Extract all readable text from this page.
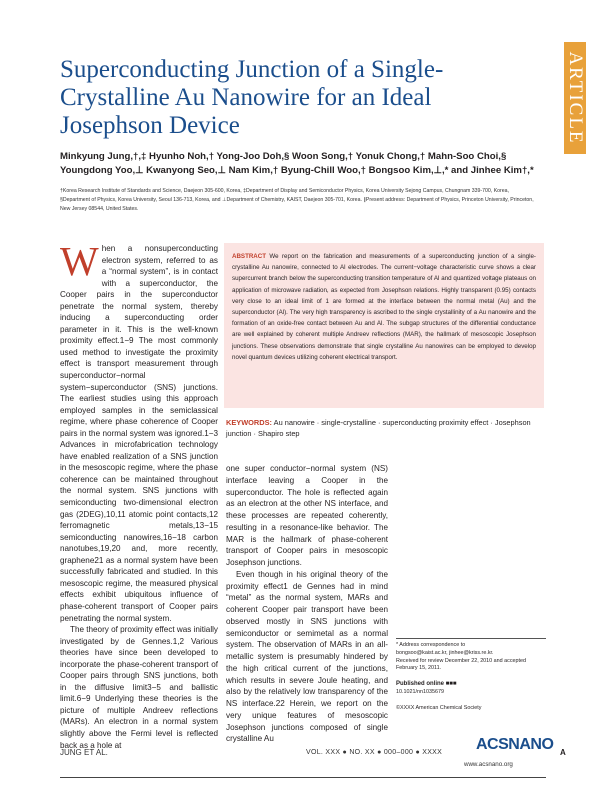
ARTICLE
Superconducting Junction of a Single-Crystalline Au Nanowire for an Ideal Josephson Device

Minkyung Jung,†,‡ Hyunho Noh,† Yong-Joo Doh,§ Woon Song,† Yonuk Chong,† Mahn-Soo Choi,§ Youngdong Yoo,⊥ Kwanyong Seo,⊥ Nam Kim,† Byung-Chill Woo,† Bongsoo Kim,⊥,* and Jinhee Kim†,*

†Korea Research Institute of Standards and Science, Daejeon 305-600, Korea, ‡Department of Display and Semiconductor Physics, Korea University Sejong Campus, Chungnam 339-700, Korea, §Department of Physics, Korea University, Seoul 136-713, Korea, and ⊥Department of Chemistry, KAIST, Daejeon 305-701, Korea. ∥Present address: Department of Physics, Princeton University, Princeton, New Jersey 08544, United States.

W hen a nonsuperconducting electron system, referred to as a “normal system”, is in contact with a superconductor, the Cooper pairs in the superconductor penetrate the normal system, thereby inducing a superconducting order parameter in it. This is the well-known proximity effect.1−9 The most commonly used method to investigate the proximity effect is transport measurement through superconductor−normal system−superconductor (SNS) junctions. The earliest studies using this approach employed samples in the semiclassical regime, where phase coherence of Cooper pairs in the normal system was ignored.1−3 Advances in microfabrication technology have enabled realization of a SNS junction in the mesoscopic regime, where the phase coherence can be maintained throughout the normal system. SNS junctions with semiconducting two-dimensional electron gas (2DEG),10,11 atomic point contacts,12 ferromagnetic metals,13−15 semiconducting nanowires,16−18 carbon nanotubes,19,20 and, more recently, graphene21 as a normal system have been successfully fabricated and studied. In this mesoscopic regime, the measured physical effects exhibit ubiquitous influence of phase-coherent transport of Cooper pairs penetrating the normal system.

The theory of proximity effect was initially investigated by de Gennes.1,2 Various theories have since been developed to incorporate the phase-coherent transport of Cooper pairs through SNS junctions, both in the diffusive limit3−5 and ballistic limit.6−9 Underlying these theories is the picture of multiple Andreev reflections (MARs). An electron in a normal system slightly above the Fermi level is reflected back as a hole at

ABSTRACT We report on the fabrication and measurements of a superconducting junction of a single-crystalline Au nanowire, connected to Al electrodes. The current−voltage characteristic curve shows a clear supercurrent branch below the superconducting transition temperature of Al and quantized voltage plateaus on application of microwave radiation, as expected from Josephson relations. Highly transparent (0.95) contacts very close to an ideal limit of 1 are formed at the interface between the normal metal (Au) and the superconductor (Al). The very high transparency is ascribed to the single crystallinity of a Au nanowire and the formation of an oxide-free contact between Au and Al. The subgap structures of the differential conductance are well explained by coherent multiple Andreev reflections (MAR), the hallmark of mesoscopic Josephson junctions. These observations demonstrate that single crystalline Au nanowires can be employed to develop novel quantum devices utilizing coherent electrical transport.

KEYWORDS: Au nanowire · single-crystalline · superconducting proximity effect · Josephson junction · Shapiro step

one super conductor−normal system (NS) interface leaving a Cooper in the superconductor. The hole is reflected again as an electron at the other NS interface, and these processes are repeated coherently, resulting in a resonance-like behavior. The MAR is the hallmark of phase-coherent transport of Cooper pairs in mesoscopic Josephson junctions.

Even though in his original theory of the proximity effect1 de Gennes had in mind “metal” as the normal system, MARs and coherent Cooper pair transport have been observed mostly in SNS junctions with semiconductor or semimetal as a normal system. The observation of MARs in an all-metallic system is presumably hindered by the high critical current of the junctions, which results in severe Joule heating, and also by the relatively low transparency of the NS interface.22 Herein, we report on the very unique features of mesoscopic Josephson junctions composed of single crystalline Au

* Address correspondence to
bongsoo@kaist.ac.kr, jinhee@kriss.re.kr.

Received for review December 22, 2010 and accepted February 15, 2011.

Published online ■■■
10.1021/nn1035679

©XXXX American Chemical Society

JUNG ET AL.	VOL. XXX ● NO. XX ● 000–000 ● XXXX ACSNANO
www.acsnano.org
A
